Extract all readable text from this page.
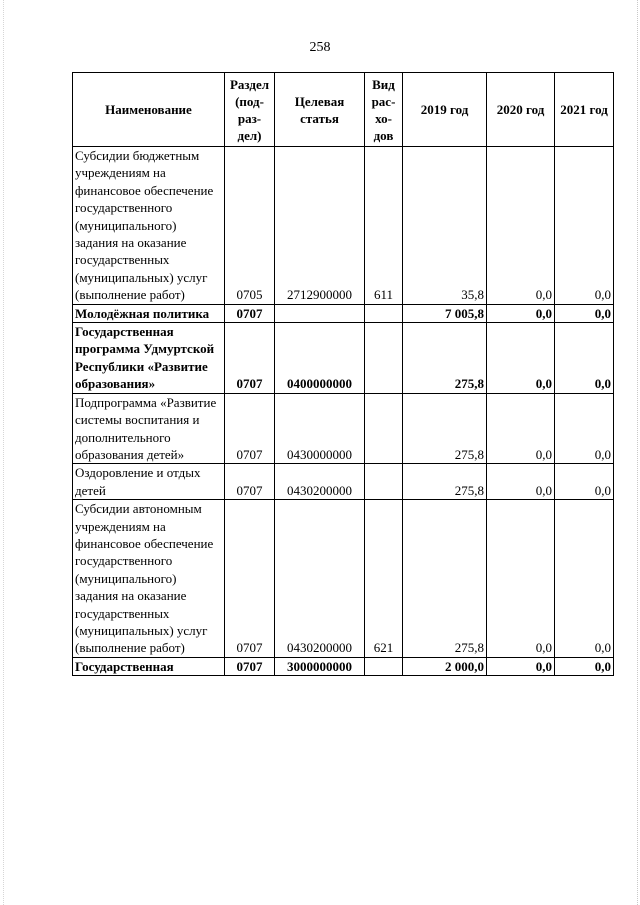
258
Наименование	Раздел (под- раз- дел)	Целевая статья	Вид рас- хо- дов	2019 год	2020 год	2021 год
Субсидии бюджетным учреждениям на финансовое обеспечение государственного (муниципального) задания на оказание государственных (муниципальных) услуг (выполнение работ)	0705	2712900000	611	35,8	0,0	0,0
Молодёжная политика	0707			7 005,8	0,0	0,0
Государственная программа Удмуртской Республики «Развитие образования»	0707	0400000000		275,8	0,0	0,0
Подпрограмма «Развитие системы воспитания и дополнительного образования детей»	0707	0430000000		275,8	0,0	0,0
Оздоровление и отдых детей	0707	0430200000		275,8	0,0	0,0
Субсидии автономным учреждениям на финансовое обеспечение государственного (муниципального) задания на оказание государственных (муниципальных) услуг (выполнение работ)	0707	0430200000	621	275,8	0,0	0,0
Государственная	0707	3000000000		2 000,0	0,0	0,0
